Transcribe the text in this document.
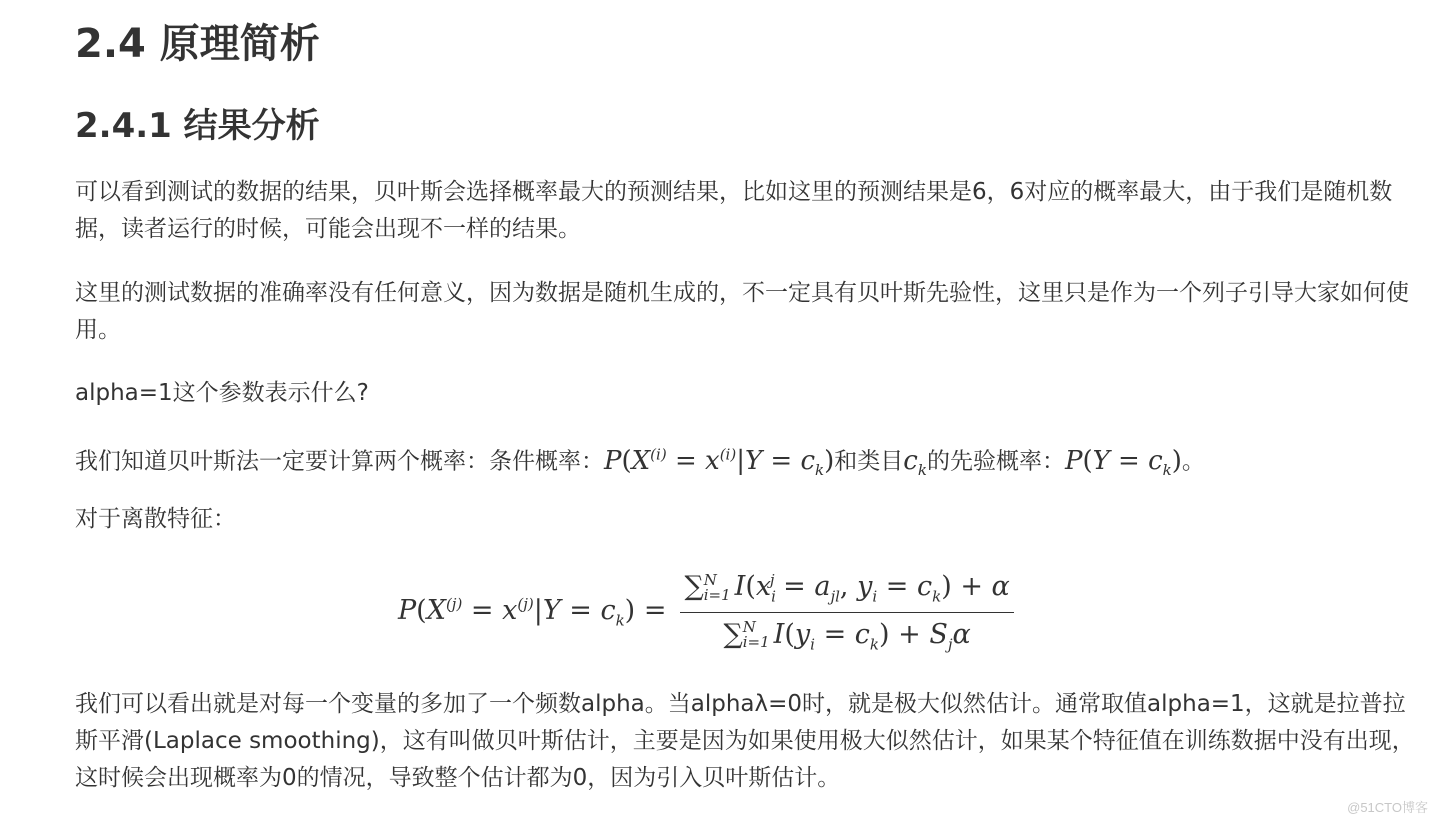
2.4 原理简析
2.4.1 结果分析

可以看到测试的数据的结果，贝叶斯会选择概率最大的预测结果，比如这里的预测结果是6，6对应的概率最大，由于我们是随机数据，读者运行的时候，可能会出现不一样的结果。

这里的测试数据的准确率没有任何意义，因为数据是随机生成的，不一定具有贝叶斯先验性，这里只是作为一个列子引导大家如何使用。

alpha=1这个参数表示什么?

我们知道贝叶斯法一定要计算两个概率：条件概率：$P(X^{(i)} = x^{(i)}|Y = c_k)$和类目$c_k$的先验概率：$P(Y = c_k)$。

对于离散特征：

$P(X^{(j)} = x^{(j)}|Y = c_k)$ = ∑ N
i=1 $I(x_i^j = a_{jl}$, $y_i = c_k) + \alpha$
∑ N
i=1 $I(y_i = c_k) + S_j\alpha$

我们可以看出就是对每一个变量的多加了一个频数alpha。当alphaλ=0时，就是极大似然估计。通常取值alpha=1，这就是拉普拉斯平滑(Laplace smoothing)，这有叫做贝叶斯估计，主要是因为如果使用极大似然估计，如果某个特征值在训练数据中没有出现，这时候会出现概率为0的情况，导致整个估计都为0，因为引入贝叶斯估计。

@51CTO博客
